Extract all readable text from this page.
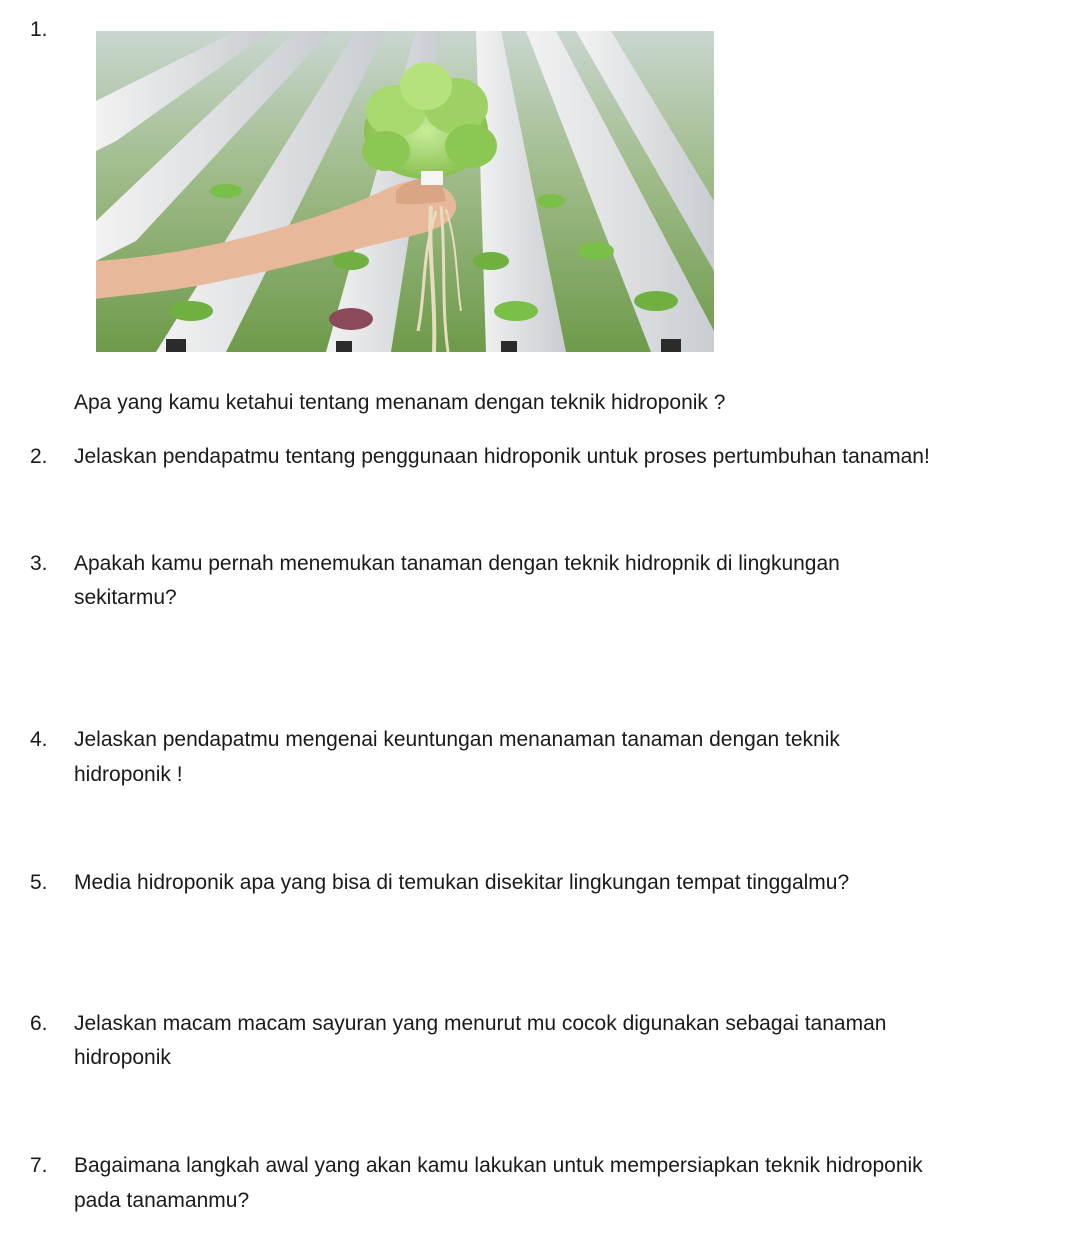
1.
Apa yang kamu ketahui tentang menanam dengan teknik hidroponik ?
2. Jelaskan pendapatmu tentang penggunaan hidroponik untuk proses pertumbuhan tanaman!
3. Apakah kamu pernah menemukan tanaman dengan teknik hidropnik di lingkungan
sekitarmu?
4. Jelaskan pendapatmu mengenai keuntungan menanaman tanaman dengan teknik
hidroponik !
5. Media hidroponik apa yang bisa di temukan disekitar lingkungan tempat tinggalmu?
6. Jelaskan macam macam sayuran yang menurut mu cocok digunakan sebagai tanaman
hidroponik
7. Bagaimana langkah awal yang akan kamu lakukan untuk mempersiapkan teknik hidroponik
pada tanamanmu?
